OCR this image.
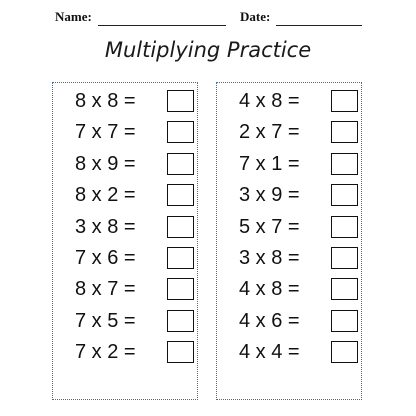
Name:	Date:
Multiplying Practice
8 x 8 =
7 x 7 =
8 x 9 =
8 x 2 =
3 x 8 =
7 x 6 =
8 x 7 =
7 x 5 =
7 x 2 =
4 x 8 =
2 x 7 =
7 x 1 =
3 x 9 =
5 x 7 =
3 x 8 =
4 x 8 =
4 x 6 =
4 x 4 =
